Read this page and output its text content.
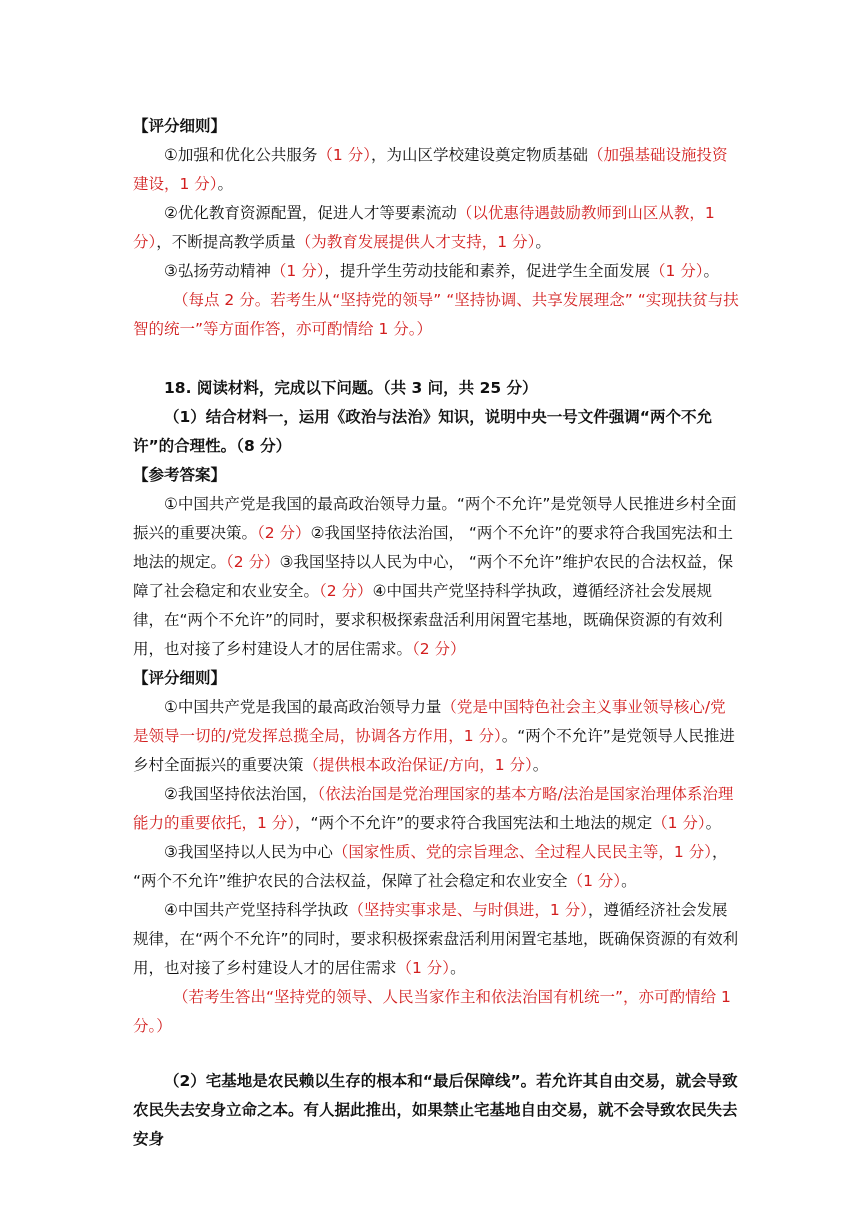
【评分细则】

①加强和优化公共服务（1 分），为山区学校建设奠定物质基础（加强基础设施投资建设，1 分）。

②优化教育资源配置，促进人才等要素流动（以优惠待遇鼓励教师到山区从教，1 分），不断提高教学质量（为教育发展提供人才支持，1 分）。

③弘扬劳动精神（1 分），提升学生劳动技能和素养，促进学生全面发展（1 分）。

（每点 2 分。若考生从“坚持党的领导” “坚持协调、共享发展理念” “实现扶贫与扶智的统一”等方面作答，亦可酌情给 1 分。）

18. 阅读材料，完成以下问题。（共 3 问，共 25 分）

（1）结合材料一，运用《政治与法治》知识，说明中央一号文件强调“两个不允许”的合理性。（8 分）

【参考答案】

①中国共产党是我国的最高政治领导力量。“两个不允许”是党领导人民推进乡村全面振兴的重要决策。（2 分）②我国坚持依法治国， “两个不允许”的要求符合我国宪法和土地法的规定。（2 分）③我国坚持以人民为中心， “两个不允许”维护农民的合法权益，保障了社会稳定和农业安全。（2 分）④中国共产党坚持科学执政，遵循经济社会发展规律，在“两个不允许”的同时，要求积极探索盘活利用闲置宅基地，既确保资源的有效利用，也对接了乡村建设人才的居住需求。（2 分）

【评分细则】

①中国共产党是我国的最高政治领导力量（党是中国特色社会主义事业领导核心/党是领导一切的/党发挥总揽全局，协调各方作用，1 分）。“两个不允许”是党领导人民推进乡村全面振兴的重要决策（提供根本政治保证/方向，1 分）。

②我国坚持依法治国，（依法治国是党治理国家的基本方略/法治是国家治理体系治理能力的重要依托，1 分），“两个不允许”的要求符合我国宪法和土地法的规定（1 分）。

③我国坚持以人民为中心（国家性质、党的宗旨理念、全过程人民民主等，1 分）， “两个不允许”维护农民的合法权益，保障了社会稳定和农业安全（1 分）。

④中国共产党坚持科学执政（坚持实事求是、与时俱进，1 分），遵循经济社会发展规律，在“两个不允许”的同时，要求积极探索盘活利用闲置宅基地，既确保资源的有效利用，也对接了乡村建设人才的居住需求（1 分）。

（若考生答出“坚持党的领导、人民当家作主和依法治国有机统一”，亦可酌情给 1 分。）

（2）宅基地是农民赖以生存的根本和“最后保障线”。若允许其自由交易，就会导致农民失去安身立命之本。有人据此推出，如果禁止宅基地自由交易，就不会导致农民失去安身
